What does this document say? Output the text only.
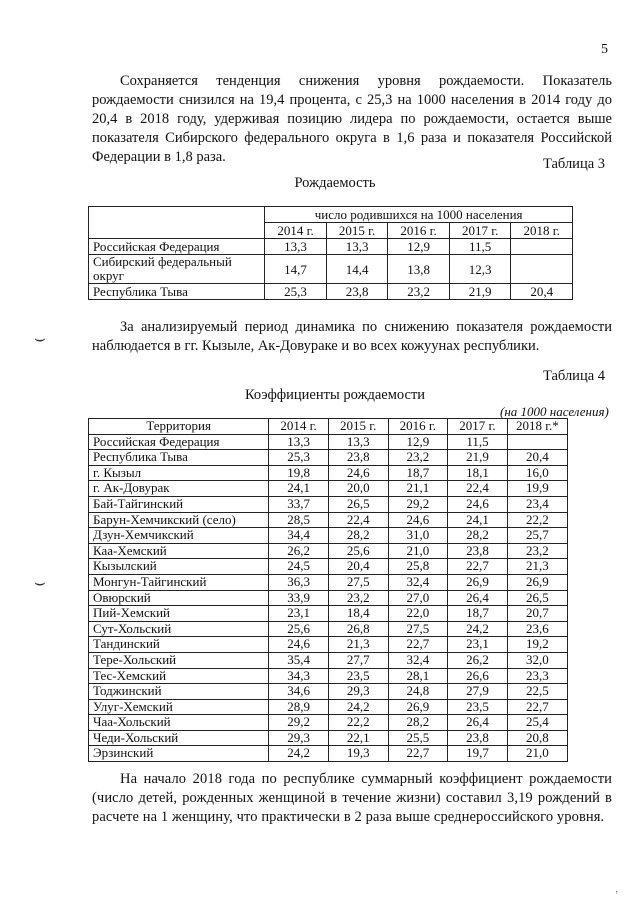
5

Сохраняется тенденция снижения уровня рождаемости. Показатель рождаемости снизился на 19,4 процента, с 25,3 на 1000 населения в 2014 году до 20,4 в 2018 году, удерживая позицию лидера по рождаемости, остается выше показателя Сибирского федерального округа в 1,6 раза и показателя Российской Федерации в 1,8 раза.	Таблица 3
Рождаемость
	число родившихся на 1000 населения				
	2014 г.	2015 г.	2016 г.	2017 г.	2018 г.
Российская Федерация	13,3	13,3	12,9	11,5	
Сибирский федеральный округ	14,7	14,4	13,8	12,3	
Республика Тыва	25,3	23,8	23,2	21,9	20,4
⌣

За анализируемый период динамика по снижению показателя рождаемости наблюдается в гг. Кызыле, Ак-Довураке и во всех кожуунах республики.

Таблица 4
Коэффициенты рождаемости
(на 1000 населения)
Территория	2014 г.	2015 г.	2016 г.	2017 г.	2018 г.*
Российская Федерация	13,3	13,3	12,9	11,5	
Республика Тыва	25,3	23,8	23,2	21,9	20,4
г. Кызыл	19,8	24,6	18,7	18,1	16,0
г. Ак-Довурак	24,1	20,0	21,1	22,4	19,9
Бай-Тайгинский	33,7	26,5	29,2	24,6	23,4
Барун-Хемчикский (село)	28,5	22,4	24,6	24,1	22,2
Дзун-Хемчикский	34,4	28,2	31,0	28,2	25,7
Каа-Хемский	26,2	25,6	21,0	23,8	23,2
Кызылский	24,5	20,4	25,8	22,7	21,3
Монгун-Тайгинский	36,3	27,5	32,4	26,9	26,9
Овюрский	33,9	23,2	27,0	26,4	26,5
Пий-Хемский	23,1	18,4	22,0	18,7	20,7
Сут-Хольский	25,6	26,8	27,5	24,2	23,6
Тандинский	24,6	21,3	22,7	23,1	19,2
Тере-Хольский	35,4	27,7	32,4	26,2	32,0
Тес-Хемский	34,3	23,5	28,1	26,6	23,3
Тоджинский	34,6	29,3	24,8	27,9	22,5
Улуг-Хемский	28,9	24,2	26,9	23,5	22,7
Чаа-Хольский	29,2	22,2	28,2	26,4	25,4
Чеди-Хольский	29,3	22,1	25,5	23,8	20,8
Эрзинский	24,2	19,3	22,7	19,7	21,0
⌣

На начало 2018 года по республике суммарный коэффициент рождаемости (число детей, рожденных женщиной в течение жизни) составил 3,19 рождений в расчете на 1 женщину, что практически в 2 раза выше среднероссийского уровня.

‚
